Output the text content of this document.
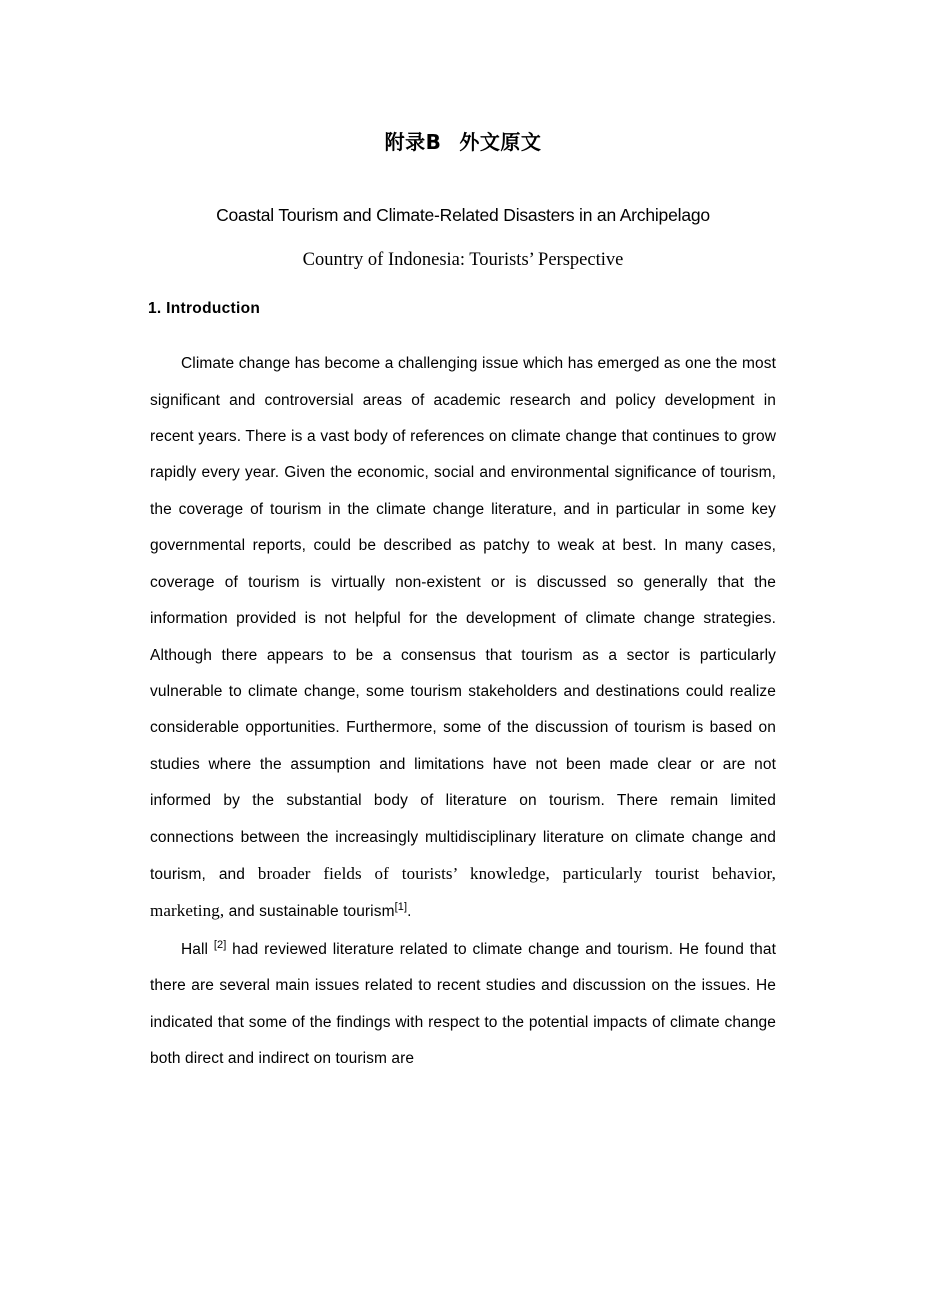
附录B 外文原文
Coastal Tourism and Climate-Related Disasters in an Archipelago
Country of Indonesia: Tourists’ Perspective
1. Introduction

Climate change has become a challenging issue which has emerged as one the most significant and controversial areas of academic research and policy development in recent years. There is a vast body of references on climate change that continues to grow rapidly every year. Given the economic, social and environmental significance of tourism, the coverage of tourism in the climate change literature, and in particular in some key governmental reports, could be described as patchy to weak at best. In many cases, coverage of tourism is virtually non-existent or is discussed so generally that the information provided is not helpful for the development of climate change strategies. Although there appears to be a consensus that tourism as a sector is particularly vulnerable to climate change, some tourism stakeholders and destinations could realize considerable opportunities. Furthermore, some of the discussion of tourism is based on studies where the assumption and limitations have not been made clear or are not informed by the substantial body of literature on tourism. There remain limited connections between the increasingly multidisciplinary literature on climate change and tourism, and broader fields of tourists’ knowledge, particularly tourist behavior, marketing, and sustainable tourism[1].

Hall [2] had reviewed literature related to climate change and tourism. He found that there are several main issues related to recent studies and discussion on the issues. He indicated that some of the findings with respect to the potential impacts of climate change both direct and indirect on tourism are
